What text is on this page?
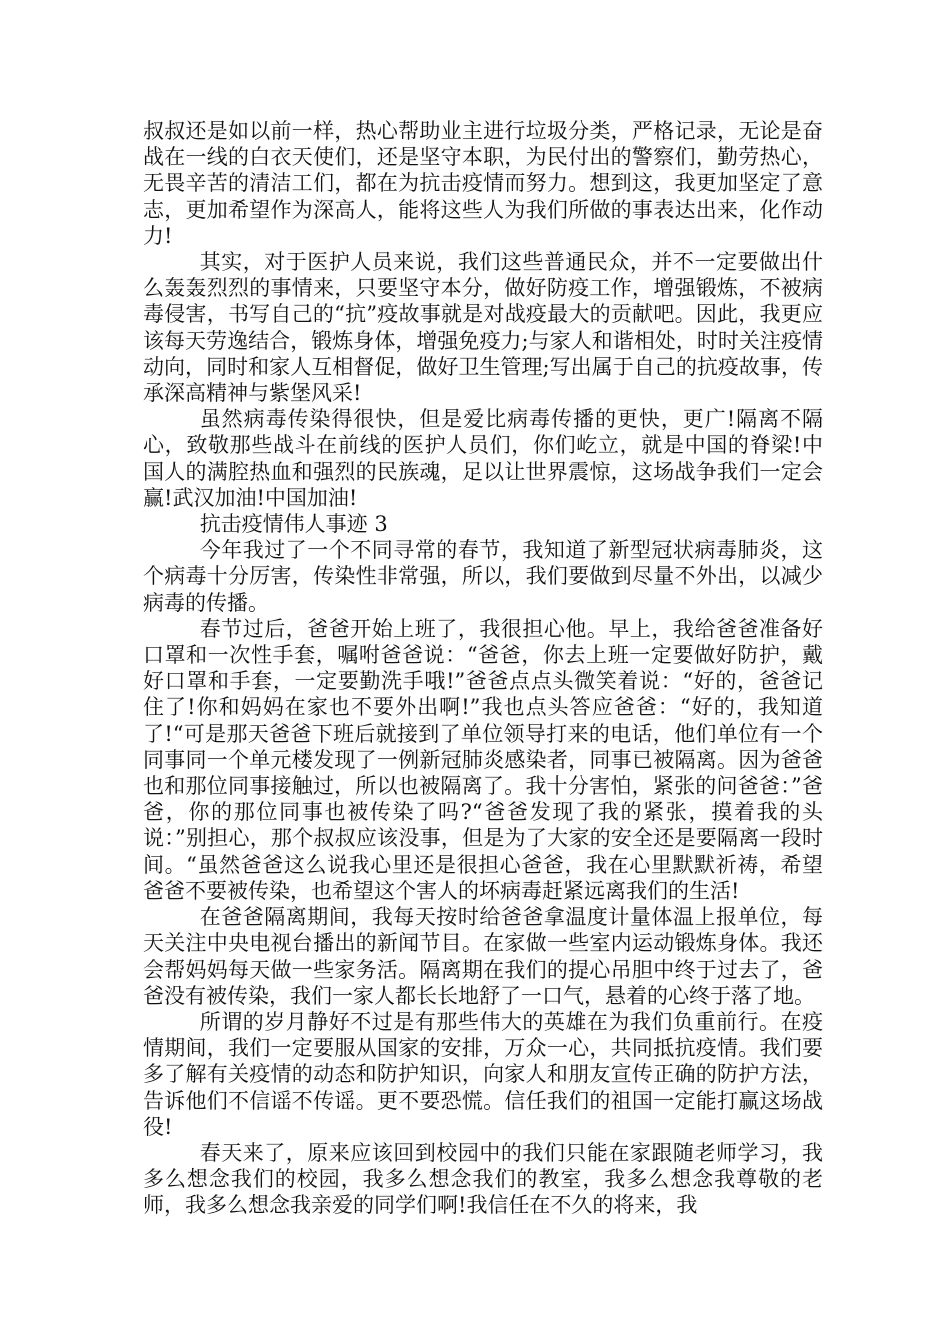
叔叔还是如以前一样，热心帮助业主进行垃圾分类，严格记录，无论是奋战在一线的白衣天使们，还是坚守本职，为民付出的警察们，勤劳热心，无畏辛苦的清洁工们，都在为抗击疫情而努力。想到这，我更加坚定了意志，更加希望作为深高人，能将这些人为我们所做的事表达出来，化作动力!

其实，对于医护人员来说，我们这些普通民众，并不一定要做出什么轰轰烈烈的事情来，只要坚守本分，做好防疫工作，增强锻炼，不被病毒侵害，书写自己的“抗”疫故事就是对战疫最大的贡献吧。因此，我更应该每天劳逸结合，锻炼身体，增强免疫力;与家人和谐相处，时时关注疫情动向，同时和家人互相督促，做好卫生管理;写出属于自己的抗疫故事，传承深高精神与紫堡风采!

虽然病毒传染得很快，但是爱比病毒传播的更快，更广!隔离不隔心，致敬那些战斗在前线的医护人员们，你们屹立，就是中国的脊梁!中国人的满腔热血和强烈的民族魂，足以让世界震惊，这场战争我们一定会赢!武汉加油!中国加油!

抗击疫情伟人事迹 3

今年我过了一个不同寻常的春节，我知道了新型冠状病毒肺炎，这个病毒十分厉害，传染性非常强，所以，我们要做到尽量不外出，以减少病毒的传播。

春节过后，爸爸开始上班了，我很担心他。早上，我给爸爸准备好口罩和一次性手套，嘱咐爸爸说：“爸爸，你去上班一定要做好防护，戴好口罩和手套，一定要勤洗手哦!”爸爸点点头微笑着说：“好的，爸爸记住了!你和妈妈在家也不要外出啊!”我也点头答应爸爸：“好的，我知道了!“可是那天爸爸下班后就接到了单位领导打来的电话，他们单位有一个同事同一个单元楼发现了一例新冠肺炎感染者，同事已被隔离。因为爸爸也和那位同事接触过，所以也被隔离了。我十分害怕，紧张的问爸爸：”爸爸，你的那位同事也被传染了吗?“爸爸发现了我的紧张，摸着我的头说：”别担心，那个叔叔应该没事，但是为了大家的安全还是要隔离一段时间。“虽然爸爸这么说我心里还是很担心爸爸，我在心里默默祈祷，希望爸爸不要被传染，也希望这个害人的坏病毒赶紧远离我们的生活!

在爸爸隔离期间，我每天按时给爸爸拿温度计量体温上报单位，每天关注中央电视台播出的新闻节目。在家做一些室内运动锻炼身体。我还会帮妈妈每天做一些家务活。隔离期在我们的提心吊胆中终于过去了，爸爸没有被传染，我们一家人都长长地舒了一口气，悬着的心终于落了地。

所谓的岁月静好不过是有那些伟大的英雄在为我们负重前行。在疫情期间，我们一定要服从国家的安排，万众一心，共同抵抗疫情。我们要多了解有关疫情的动态和防护知识，向家人和朋友宣传正确的防护方法，告诉他们不信谣不传谣。更不要恐慌。信任我们的祖国一定能打赢这场战役!

春天来了，原来应该回到校园中的我们只能在家跟随老师学习，我多么想念我们的校园，我多么想念我们的教室，我多么想念我尊敬的老师，我多么想念我亲爱的同学们啊!我信任在不久的将来，我
